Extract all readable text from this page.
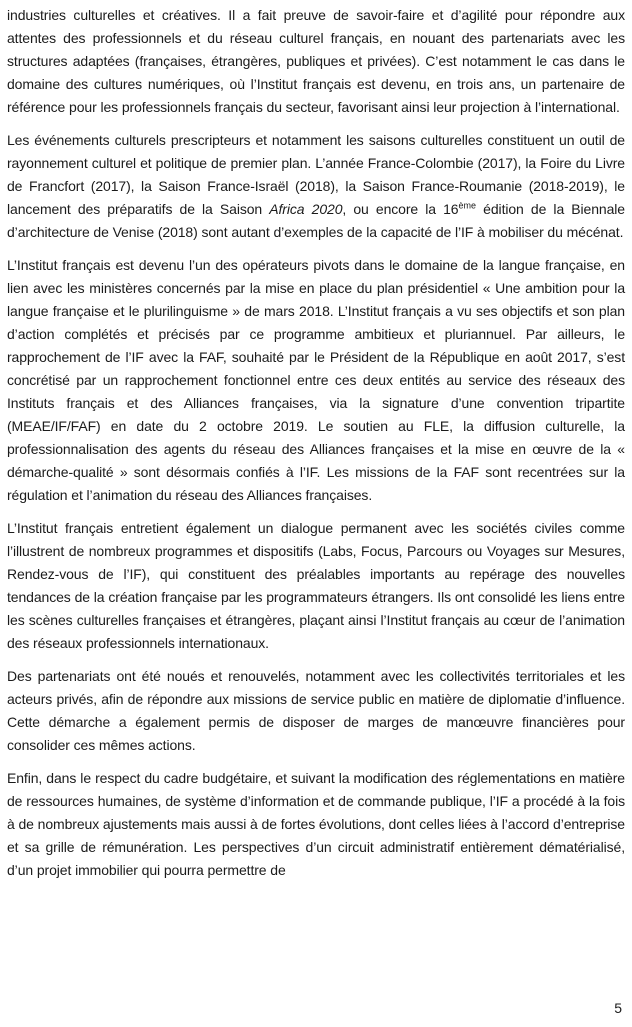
industries culturelles et créatives. Il a fait preuve de savoir-faire et d’agilité pour répondre aux attentes des professionnels et du réseau culturel français, en nouant des partenariats avec les structures adaptées (françaises, étrangères, publiques et privées). C’est notamment le cas dans le domaine des cultures numériques, où l’Institut français est devenu, en trois ans, un partenaire de référence pour les professionnels français du secteur, favorisant ainsi leur projection à l’international.

Les événements culturels prescripteurs et notamment les saisons culturelles constituent un outil de rayonnement culturel et politique de premier plan. L’année France-Colombie (2017), la Foire du Livre de Francfort (2017), la Saison France-Israël (2018), la Saison France-Roumanie (2018-2019), le lancement des préparatifs de la Saison Africa 2020, ou encore la 16ème édition de la Biennale d’architecture de Venise (2018) sont autant d’exemples de la capacité de l’IF à mobiliser du mécénat.

L’Institut français est devenu l’un des opérateurs pivots dans le domaine de la langue française, en lien avec les ministères concernés par la mise en place du plan présidentiel « Une ambition pour la langue française et le plurilinguisme » de mars 2018. L’Institut français a vu ses objectifs et son plan d’action complétés et précisés par ce programme ambitieux et pluriannuel. Par ailleurs, le rapprochement de l’IF avec la FAF, souhaité par le Président de la République en août 2017, s’est concrétisé par un rapprochement fonctionnel entre ces deux entités au service des réseaux des Instituts français et des Alliances françaises, via la signature d’une convention tripartite (MEAE/IF/FAF) en date du 2 octobre 2019. Le soutien au FLE, la diffusion culturelle, la professionnalisation des agents du réseau des Alliances françaises et la mise en œuvre de la « démarche-qualité » sont désormais confiés à l’IF. Les missions de la FAF sont recentrées sur la régulation et l’animation du réseau des Alliances françaises.

L’Institut français entretient également un dialogue permanent avec les sociétés civiles comme l’illustrent de nombreux programmes et dispositifs (Labs, Focus, Parcours ou Voyages sur Mesures, Rendez-vous de l’IF), qui constituent des préalables importants au repérage des nouvelles tendances de la création française par les programmateurs étrangers. Ils ont consolidé les liens entre les scènes culturelles françaises et étrangères, plaçant ainsi l’Institut français au cœur de l’animation des réseaux professionnels internationaux.

Des partenariats ont été noués et renouvelés, notamment avec les collectivités territoriales et les acteurs privés, afin de répondre aux missions de service public en matière de diplomatie d’influence. Cette démarche a également permis de disposer de marges de manœuvre financières pour consolider ces mêmes actions.

Enfin, dans le respect du cadre budgétaire, et suivant la modification des réglementations en matière de ressources humaines, de système d’information et de commande publique, l’IF a procédé à la fois à de nombreux ajustements mais aussi à de fortes évolutions, dont celles liées à l’accord d’entreprise et sa grille de rémunération. Les perspectives d’un circuit administratif entièrement dématérialisé, d’un projet immobilier qui pourra permettre de

5
